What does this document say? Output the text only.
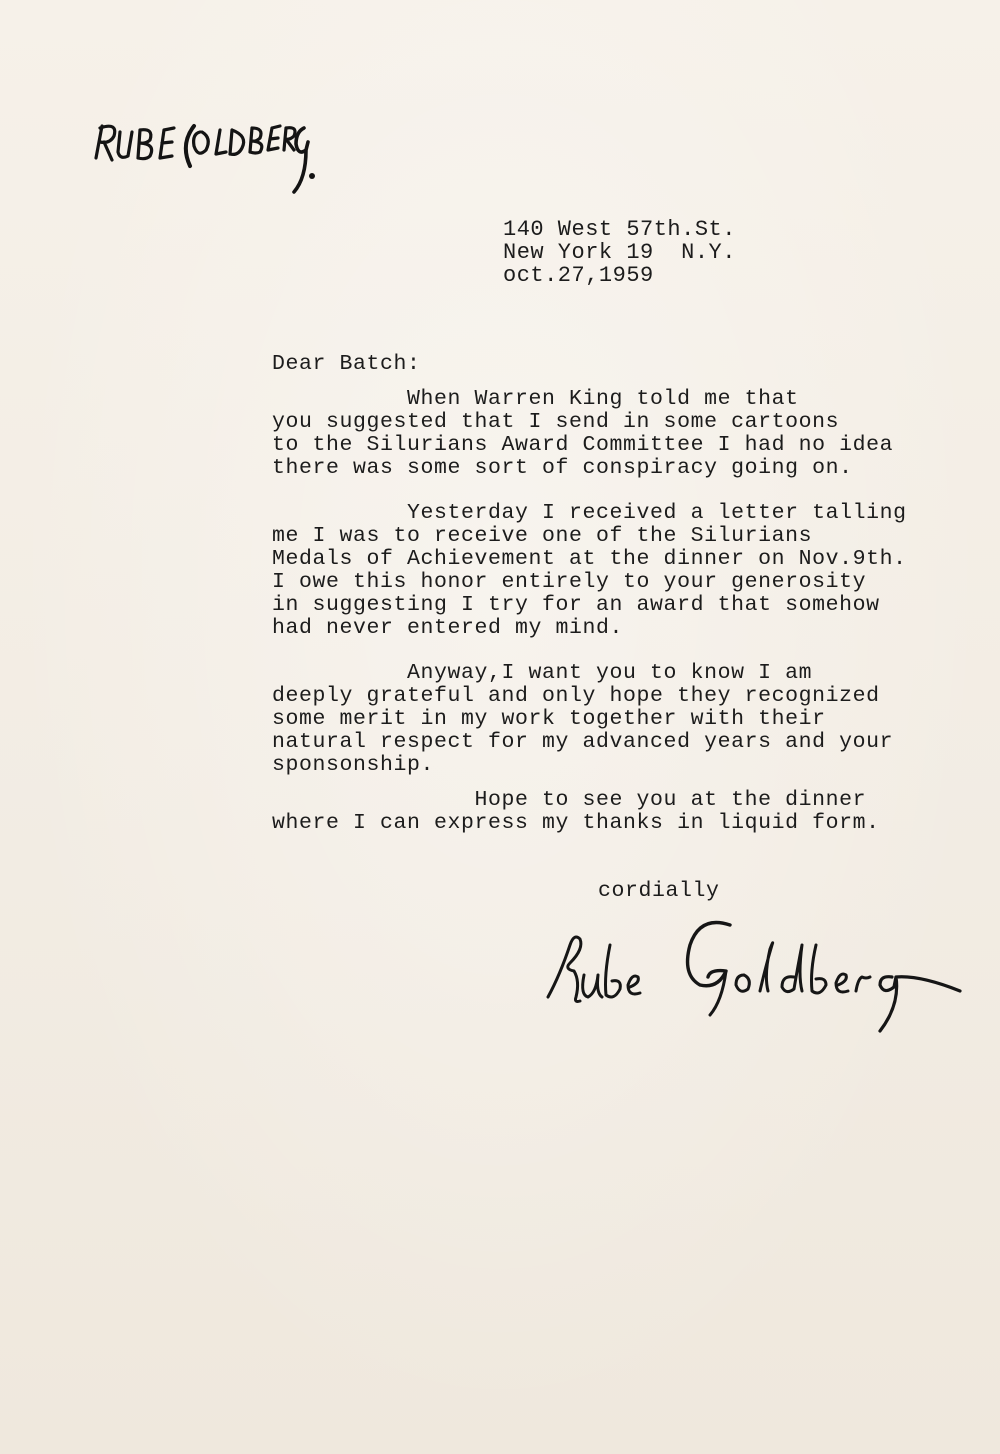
140 West 57th.St.
New York 19  N.Y.
oct.27,1959
Dear Batch:
When Warren King told me that
you suggested that I send in some cartoons
to the Silurians Award Committee I had no idea
there was some sort of conspiracy going on.
Yesterday I received a letter talling
me I was to receive one of the Silurians
Medals of Achievement at the dinner on Nov.9th.
I owe this honor entirely to your generosity
in suggesting I try for an award that somehow
had never entered my mind.
Anyway,I want you to know I am
deeply grateful and only hope they recognized
some merit in my work together with their
natural respect for my advanced years and your
sponsonship.
Hope to see you at the dinner
where I can express my thanks in liquid form.
cordially
